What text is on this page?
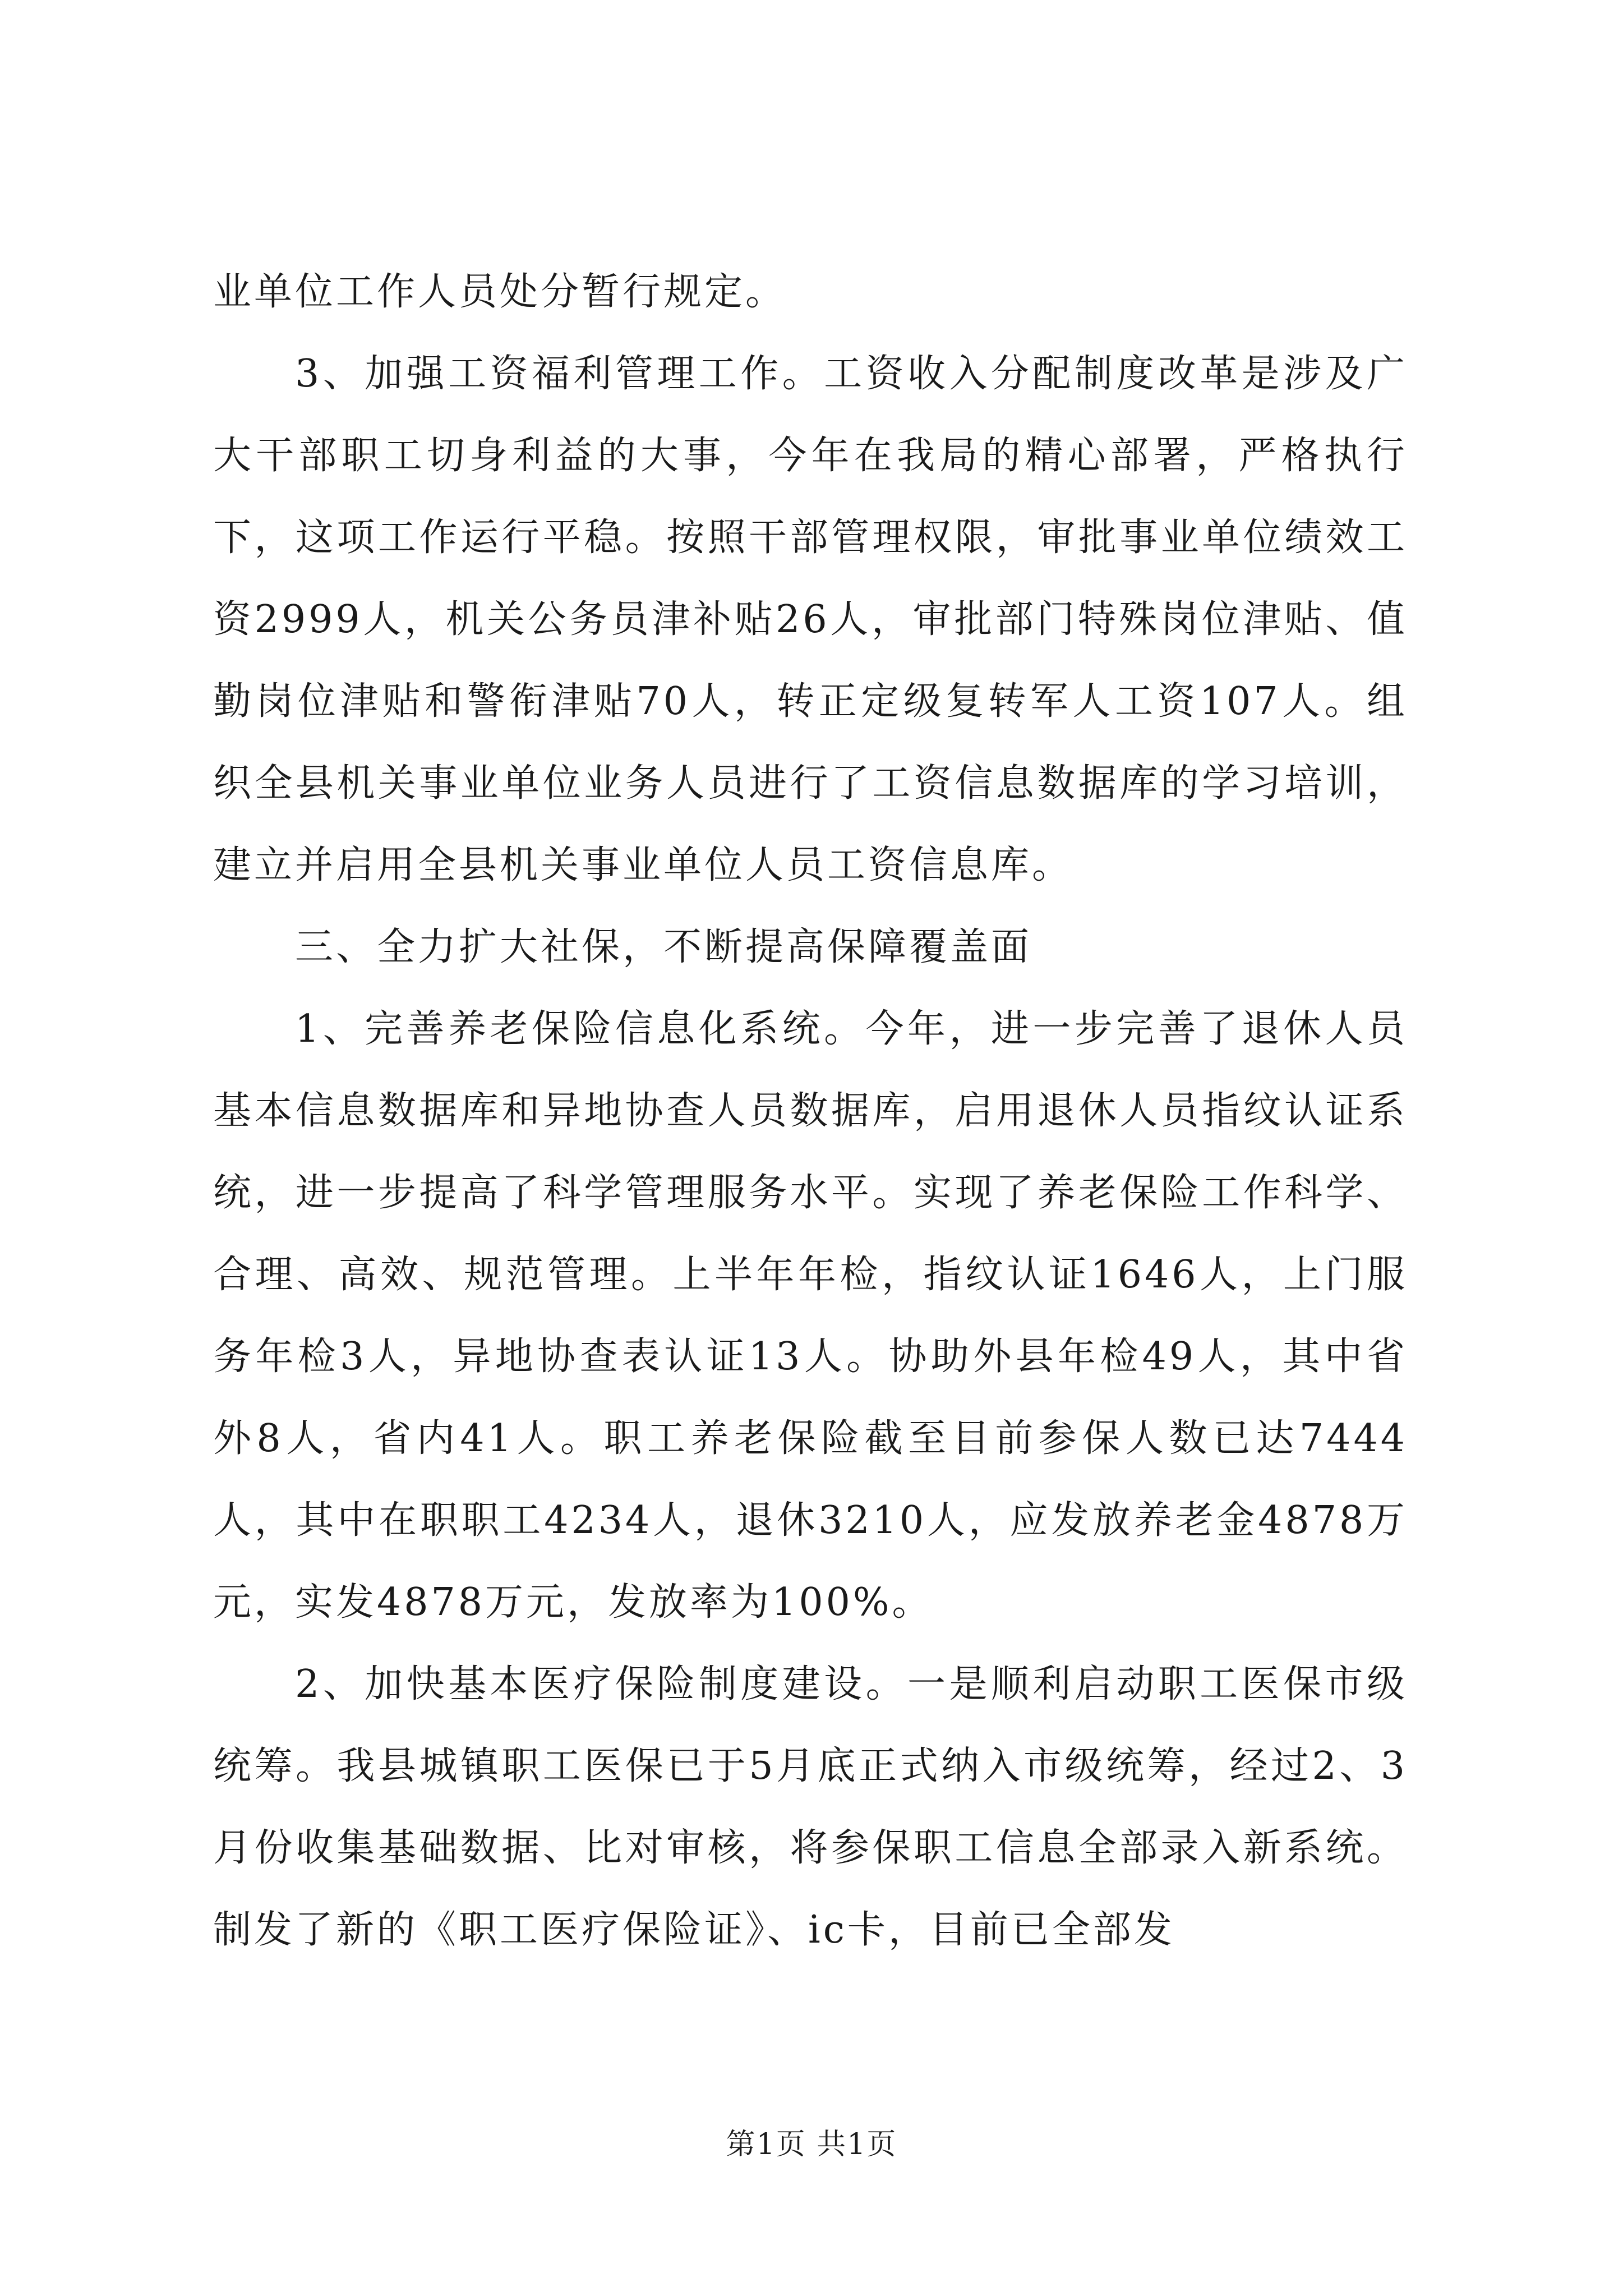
业单位工作人员处分暂行规定。

3、加强工资福利管理工作。工资收入分配制度改革是涉及广大干部职工切身利益的大事，今年在我局的精心部署，严格执行下，这项工作运行平稳。按照干部管理权限，审批事业单位绩效工资2999人，机关公务员津补贴26人，审批部门特殊岗位津贴、值勤岗位津贴和警衔津贴70人，转正定级复转军人工资107人。组织全县机关事业单位业务人员进行了工资信息数据库的学习培训，建立并启用全县机关事业单位人员工资信息库。

三、全力扩大社保，不断提高保障覆盖面

1、完善养老保险信息化系统。今年，进一步完善了退休人员基本信息数据库和异地协查人员数据库，启用退休人员指纹认证系统，进一步提高了科学管理服务水平。实现了养老保险工作科学、合理、高效、规范管理。上半年年检，指纹认证1646人，上门服务年检3人，异地协查表认证13人。协助外县年检49人，其中省外8人，省内41人。职工养老保险截至目前参保人数已达7444人，其中在职职工4234人，退休3210人，应发放养老金4878万元，实发4878万元，发放率为100%。

2、加快基本医疗保险制度建设。一是顺利启动职工医保市级统筹。我县城镇职工医保已于5月底正式纳入市级统筹，经过2、3月份收集基础数据、比对审核，将参保职工信息全部录入新系统。制发了新的《职工医疗保险证》、ic卡，目前已全部发

第1页 共1页
